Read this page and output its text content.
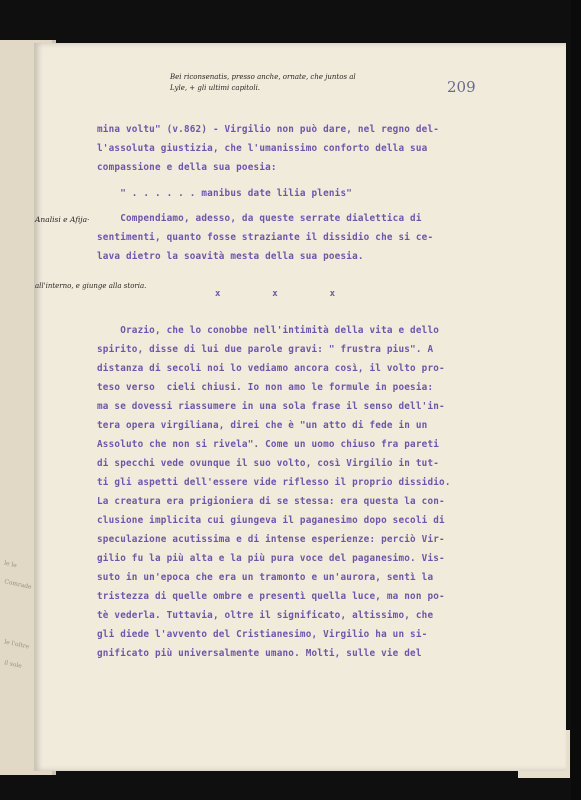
le le
Comrade
le l'oltre
il sole
Bei riconsenatis, presso anche, ornate, che juntos al
Lyle, + gli ultimi capitoli.	209
Analisi e Afija·
all'interno, e giunge alla storia.
mina voltu" (v.862) - Virgilio non può dare, nel regno del-
l'assoluta giustizia, che l'umanissimo conforto della sua
compassione e della sua poesia:
" . . . . . . manibus date lilia plenis"
Compendiamo, adesso, da queste serrate dialettica di
sentimenti, quanto fosse straziante il dissidio che si ce-
lava dietro la soavità mesta della sua poesia.
x	x	x
Orazio, che lo conobbe nell'intimità della vita e dello
spirito, disse di lui due parole gravi: " frustra pius". A
distanza di secoli noi lo vediamo ancora così, il volto pro-
teso verso  cieli chiusi. Io non amo le formule in poesia:
ma se dovessi riassumere in una sola frase il senso dell'in-
tera opera virgiliana, direi che è "un atto di fede in un
Assoluto che non si rivela". Come un uomo chiuso fra pareti
di specchi vede ovunque il suo volto, così Virgilio in tut-
ti gli aspetti dell'essere vide riflesso il proprio dissidio.
La creatura era prigioniera di se stessa: era questa la con-
clusione implicita cui giungeva il paganesimo dopo secoli di
speculazione acutissima e di intense esperienze: perciò Vir-
gilio fu la più alta e la più pura voce del paganesimo. Vis-
suto in un'epoca che era un tramonto e un'aurora, sentì la
tristezza di quelle ombre e presentì quella luce, ma non po-
tè vederla. Tuttavia, oltre il significato, altissimo, che
gli diede l'avvento del Cristianesimo, Virgilio ha un si-
gnificato più universalmente umano. Molti, sulle vie del
